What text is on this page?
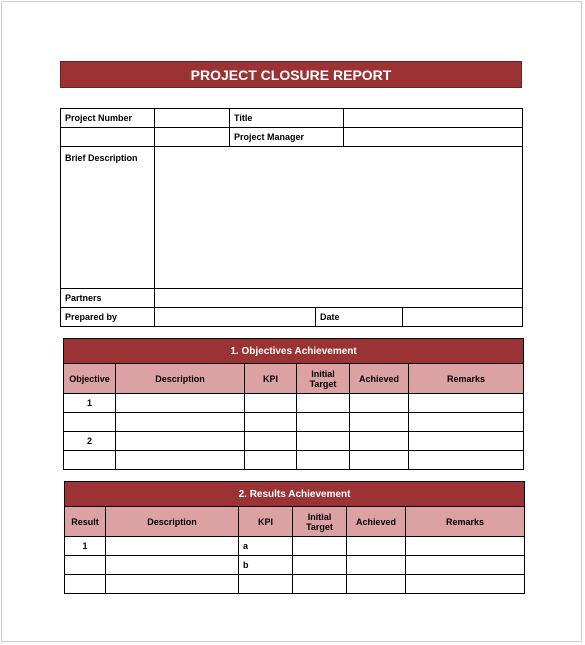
PROJECT CLOSURE REPORT
Project Number		Title			
		Project Manager			
Brief Description					
Partners					
Prepared by			Date		
1. Objectives Achievement					
Objective	Description	KPI	Initial Target	Achieved	Remarks
1					

2					

2. Results Achievement					
Result	Description	KPI	Initial Target	Achieved	Remarks
1		a			
		b			
